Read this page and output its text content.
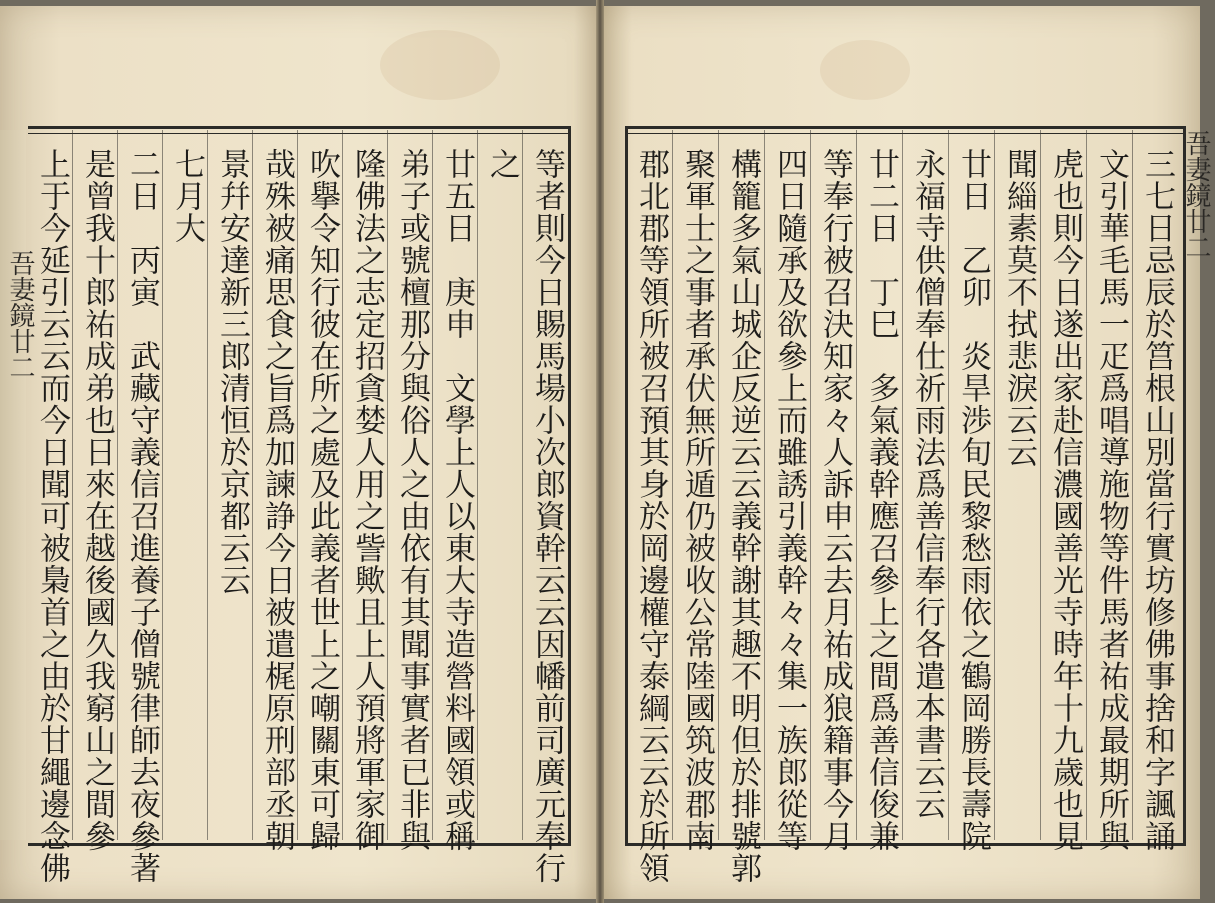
吾妻鏡廿二
吾妻鏡廿二
三七日忌辰於筥根山別當行實坊修佛事捨和字諷誦
文引華毛馬一疋爲唱導施物等件馬者祐成最期所與
虎也則今日遂出家赴信濃國善光寺時年十九歲也見
聞緇素莫不拭悲淚云云
廿日　乙卯　炎旱渉旬民黎愁雨依之鶴岡勝長壽院
永福寺供僧奉仕祈雨法爲善信奉行各遣本書云云
廿二日　丁巳　多氣義幹應召參上之間爲善信俊兼
等奉行被召決知家々人訴申云去月祐成狼籍事今月
四日隨承及欲參上而雖誘引義幹々々集一族郎從等
構籠多氣山城企反逆云云義幹謝其趣不明但於排號郭
聚軍士之事者承伏無所遁仍被收公常陸國筑波郡南
郡北郡等領所被召預其身於岡邊權守泰綱云云於所領
等者則今日賜馬場小次郎資幹云云因幡前司廣元奉行
之
廿五日　庚申　文學上人以東大寺造營料國領或稱
弟子或號檀那分與俗人之由依有其聞事實者已非與
隆佛法之志定招貪婪人用之訾歟且上人預將軍家御
吹擧令知行彼在所之處及此義者世上之嘲關東可歸
哉殊被痛思食之旨爲加諫諍今日被遣梶原刑部丞朝
景幷安達新三郎清恒於京都云云
七月大
二日　丙寅　武藏守義信召進養子僧號律師去夜參著
是曾我十郎祐成弟也日來在越後國久我窮山之間參
上于今延引云云而今日聞可被梟首之由於甘繩邊念佛
